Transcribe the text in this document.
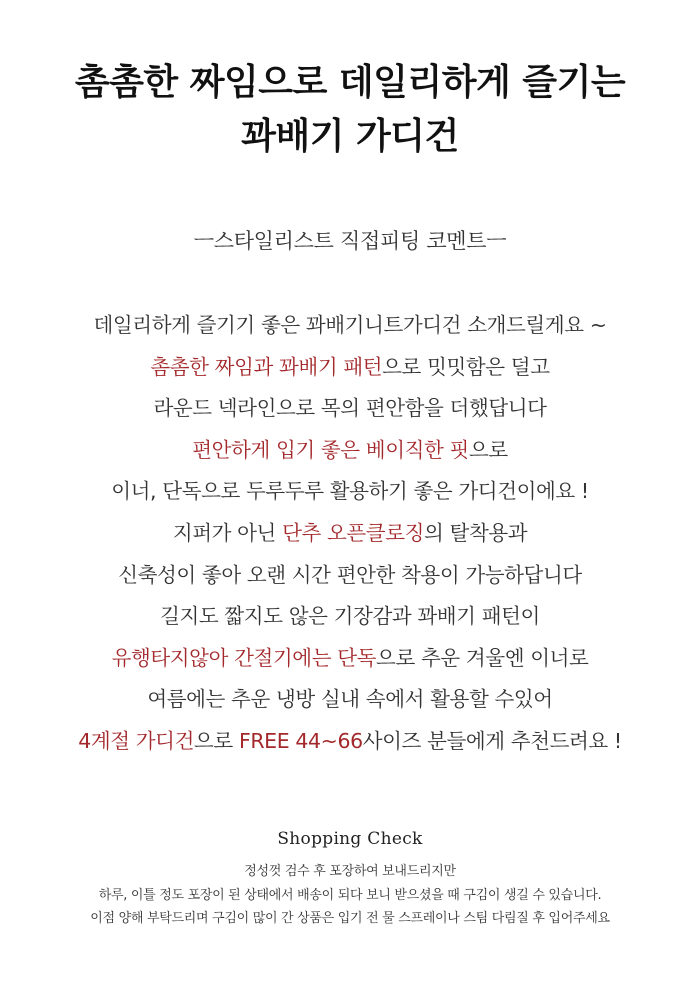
촘촘한 짜임으로 데일리하게 즐기는
꽈배기 가디건
ㅡ스타일리스트 직접피팅 코멘트ㅡ
데일리하게 즐기기 좋은 꽈배기니트가디건 소개드릴게요 ~
촘촘한 짜임과 꽈배기 패턴으로 밋밋함은 덜고
라운드 넥라인으로 목의 편안함을 더했답니다
편안하게 입기 좋은 베이직한 핏으로
이너, 단독으로 두루두루 활용하기 좋은 가디건이에요 !
지퍼가 아닌 단추 오픈클로징의 탈착용과
신축성이 좋아 오랜 시간 편안한 착용이 가능하답니다
길지도 짧지도 않은 기장감과 꽈배기 패턴이
유행타지않아 간절기에는 단독으로 추운 겨울엔 이너로
여름에는 추운 냉방 실내 속에서 활용할 수있어
4계절 가디건으로 FREE 44~66사이즈 분들에게 추천드려요 !
Shopping Check
정성껏 검수 후 포장하여 보내드리지만
하루, 이틀 정도 포장이 된 상태에서 배송이 되다 보니 받으셨을 때 구김이 생길 수 있습니다.
이점 양해 부탁드리며 구김이 많이 간 상품은 입기 전 물 스프레이나 스팀 다림질 후 입어주세요
